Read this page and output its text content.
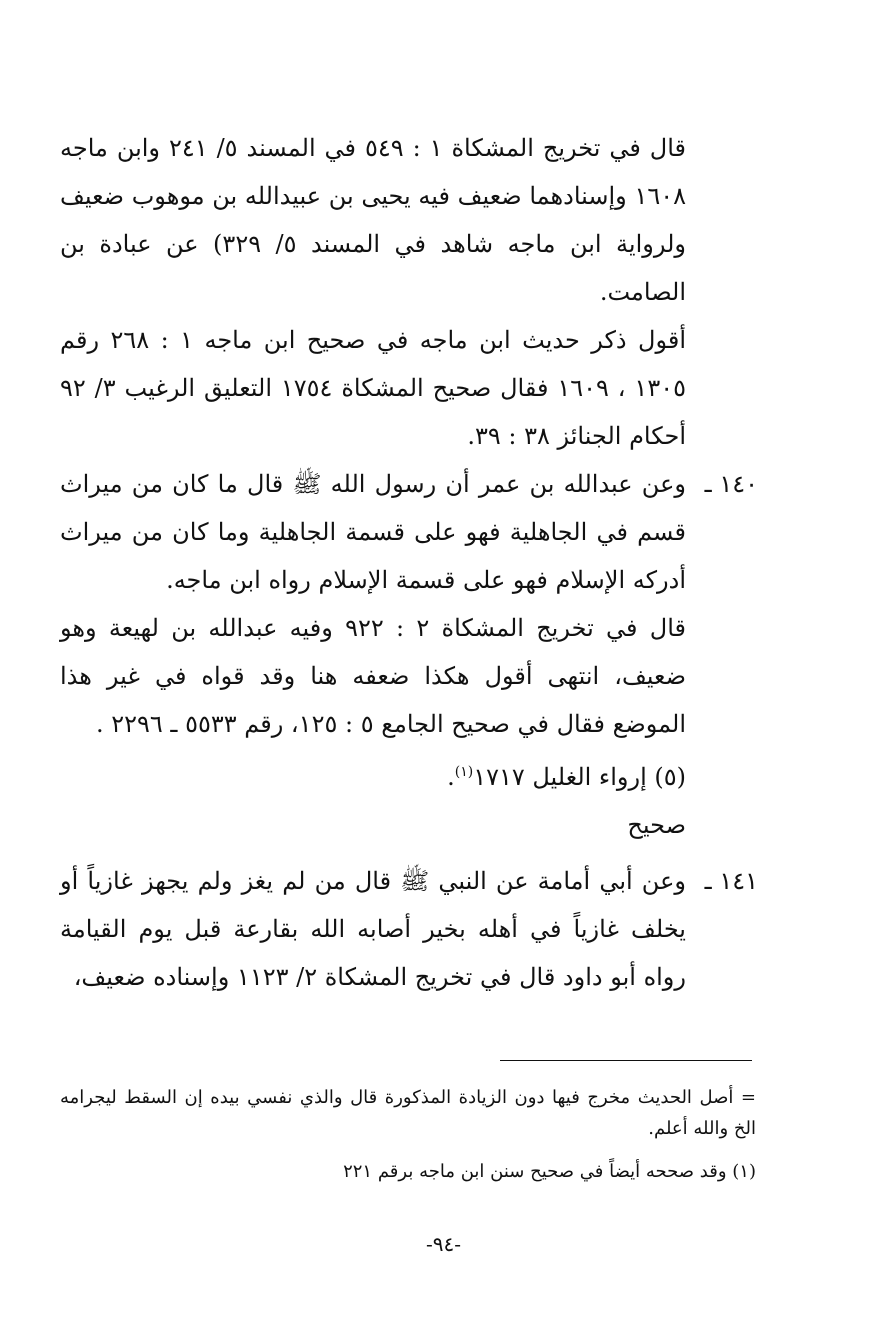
قال في تخريج المشكاة ١ : ٥٤٩ في المسند ٥/ ٢٤١ وابن ماجه ١٦٠٨ وإسنادهما ضعيف فيه يحيى بن عبيدالله بن موهوب ضعيف ولرواية ابن ماجه شاهد في المسند ٥/ ٣٢٩) عن عبادة بن الصامت.

أقول ذكر حديث ابن ماجه في صحيح ابن ماجه ١ : ٢٦٨ رقم ١٣٠٥ ، ١٦٠٩ فقال صحيح المشكاة ١٧٥٤ التعليق الرغيب ٣/ ٩٢ أحكام الجنائز ٣٨ : ٣٩.

١٤٠ ـ

وعن عبدالله بن عمر أن رسول الله ﷺ قال ما كان من ميراث قسم في الجاهلية فهو على قسمة الجاهلية وما كان من ميراث أدركه الإسلام فهو على قسمة الإسلام رواه ابن ماجه.

قال في تخريج المشكاة ٢ : ٩٢٢ وفيه عبدالله بن لهيعة وهو ضعيف، انتهى أقول هكذا ضعفه هنا وقد قواه في غير هذا الموضع فقال في صحيح الجامع ٥ : ١٢٥، رقم ٥٥٣٣ ـ ٢٢٩٦ .

(٥) إرواء الغليل ١٧١٧$^{(١)}$.

صحيح

١٤١ ـ

وعن أبي أمامة عن النبي ﷺ قال من لم يغز ولم يجهز غازياً أو يخلف غازياً في أهله بخير أصابه الله بقارعة قبل يوم القيامة رواه أبو داود قال في تخريج المشكاة ٢/ ١١٢٣ وإسناده ضعيف،

= أصل الحديث مخرج فيها دون الزيادة المذكورة قال والذي نفسي بيده إن السقط ليجرامه الخ والله أعلم.

(١) وقد صححه أيضاً في صحيح سنن ابن ماجه برقم ٢٢١

-٩٤-
